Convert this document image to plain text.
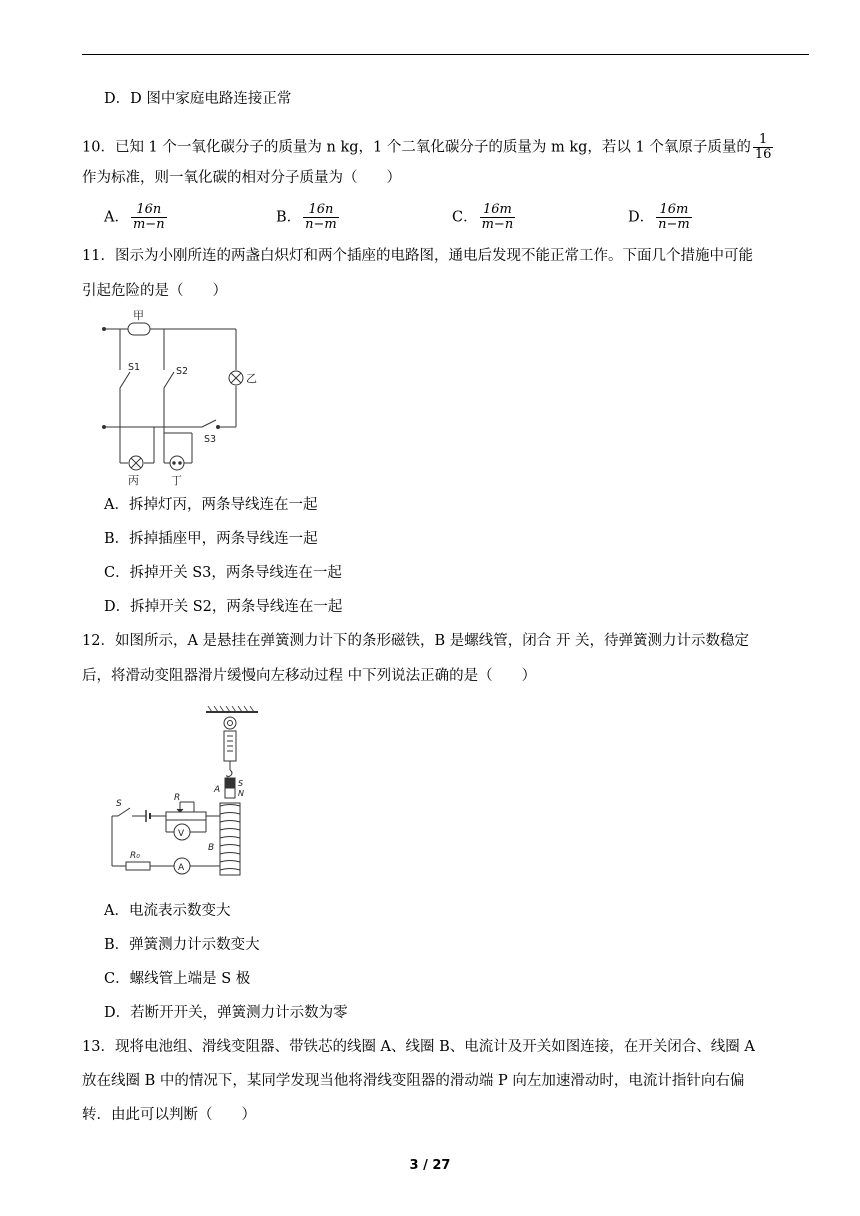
D．D 图中家庭电路连接正常
10．已知 1 个一氧化碳分子的质量为 n kg，1 个二氧化碳分子的质量为 m kg，若以 1 个氧原子质量的 $\frac{1}{16}$
作为标准，则一氧化碳的相对分子质量为（　　）
A． $\frac{16n}{m-n}$	B． $\frac{16n}{n-m}$	C． $\frac{16m}{m-n}$	D． $\frac{16m}{n-m}$
11．图示为小刚所连的两盏白炽灯和两个插座的电路图，通电后发现不能正常工作。下面几个措施中可能
引起危险的是（　　）
甲
乙
丙	丁
S1	S2
S3
A．拆掉灯丙，两条导线连在一起
B．拆掉插座甲，两条导线连一起
C．拆掉开关 S3，两条导线连在一起
D．拆掉开关 S2，两条导线连在一起
12．如图所示，A 是悬挂在弹簧测力计下的条形磁铁，B 是螺线管，闭合 开 关，待弹簧测力计示数稳定
后，将滑动变阻器滑片缓慢向左移动过程 中下列说法正确的是（　　）
S
R
V
A
R₀
A
B
S
N
A．电流表示数变大
B．弹簧测力计示数变大
C．螺线管上端是 S 极
D．若断开开关，弹簧测力计示数为零
13．现将电池组、滑线变阻器、带铁芯的线圈 A、线圈 B、电流计及开关如图连接，在开关闭合、线圈 A
放在线圈 B 中的情况下，某同学发现当他将滑线变阻器的滑动端 P 向左加速滑动时，电流计指针向右偏
转．由此可以判断（　　）
3 / 27
